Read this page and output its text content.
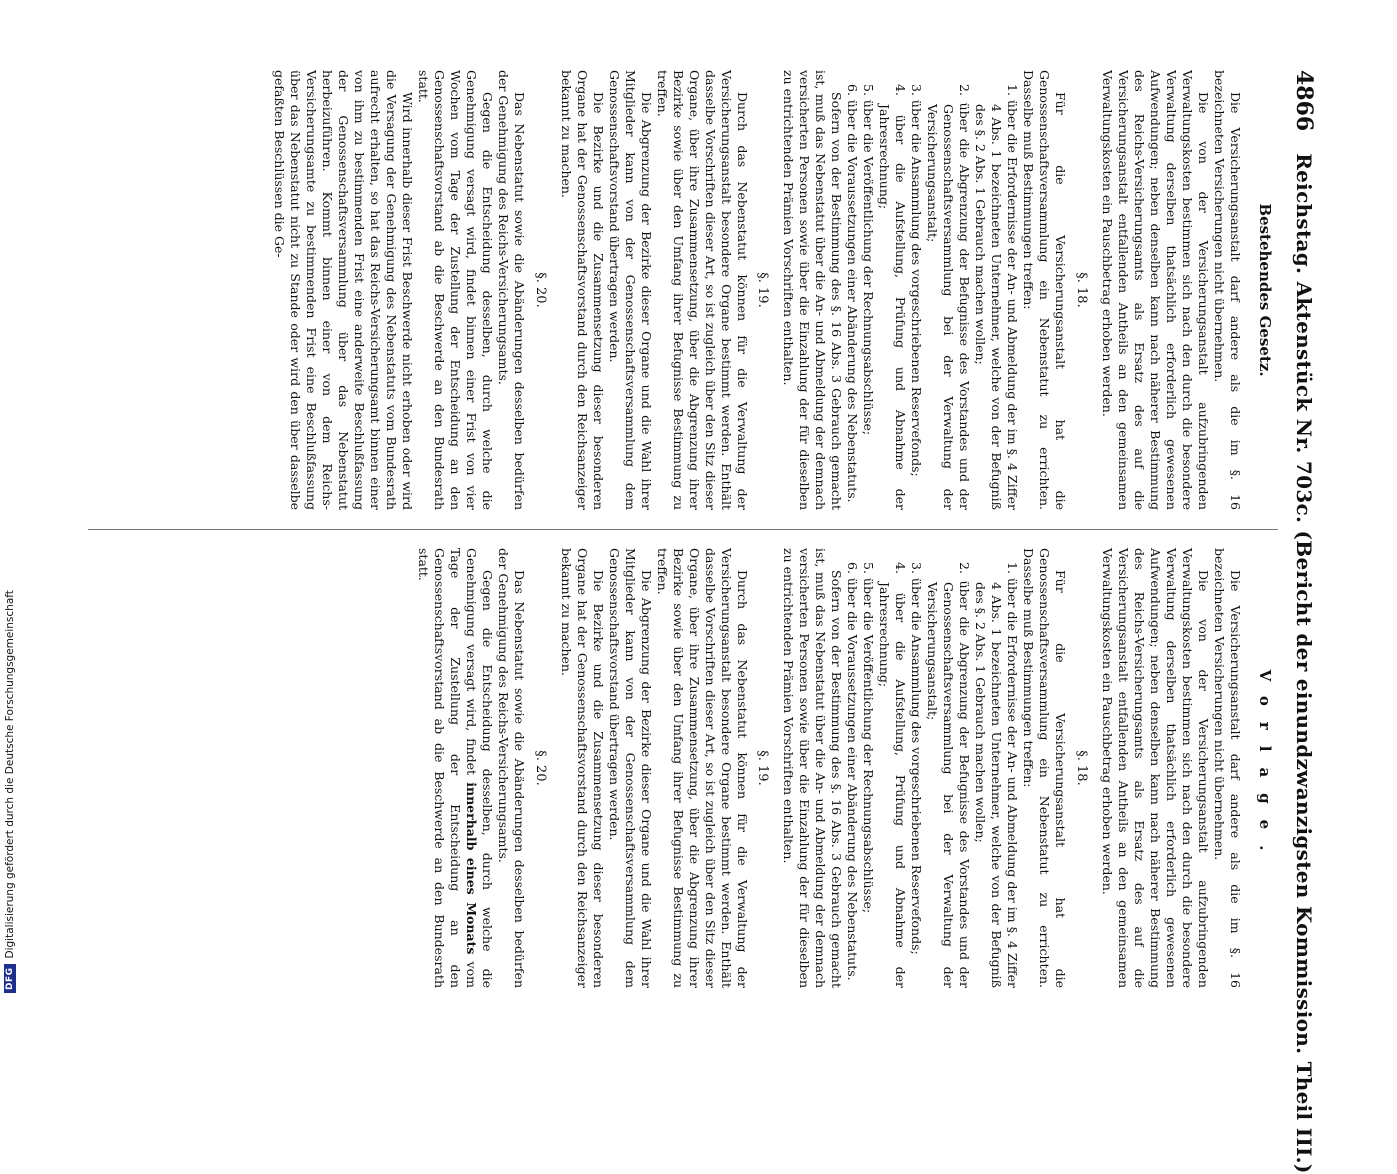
4866
Reichstag. Aktenstück Nr. 703c. (Bericht der einundzwanzigsten Kommission. Theil III.)
Bestehendes Gesetz.

Die Versicherungsanstalt darf andere als die im §. 16 bezeichneten Versicherungen nicht übernehmen.

Die von der Versicherungsanstalt aufzubringenden Verwaltungskosten bestimmen sich nach den durch die besondere Verwaltung derselben thatsächlich erforderlich gewesenen Aufwendungen; neben denselben kann nach näherer Bestimmung des Reichs-Versicherungsamts als Ersatz des auf die Versicherungsanstalt entfallenden Antheils an den gemeinsamen Verwaltungskosten ein Pauschbetrag erhoben werden.

§. 18.

Für die Versicherungsanstalt hat die Genossenschaftsversammlung ein Nebenstatut zu errichten. Dasselbe muß Bestimmungen treffen:

1. über die Erfordernisse der An- und Abmeldung der im §. 4 Ziffer 4 Abs. 1 bezeichneten Unternehmer, welche von der Befugniß des §. 2 Abs. 1 Gebrauch machen wollen;

2. über die Abgrenzung der Befugnisse des Vorstandes und der Genossenschaftsversammlung bei der Verwaltung der Versicherungsanstalt;

3. über die Ansammlung des vorgeschriebenen Reservefonds;

4. über die Aufstellung, Prüfung und Abnahme der Jahresrechnung;

5. über die Veröffentlichung der Rechnungsabschlüsse;

6. über die Voraussetzungen einer Abänderung des Nebenstatuts.

Sofern von der Bestimmung des §. 16 Abs. 3 Gebrauch gemacht ist, muß das Nebenstatut über die An- und Abmeldung der demnach versicherten Personen sowie über die Einzahlung der für dieselben zu entrichtenden Prämien Vorschriften enthalten.

§. 19.

Durch das Nebenstatut können für die Verwaltung der Versicherungsanstalt besondere Organe bestimmt werden. Enthält dasselbe Vorschriften dieser Art, so ist zugleich über den Sitz dieser Organe, über ihre Zusammensetzung, über die Abgrenzung ihrer Bezirke sowie über den Umfang ihrer Befugnisse Bestimmung zu treffen.

Die Abgrenzung der Bezirke dieser Organe und die Wahl ihrer Mitglieder kann von der Genossenschaftsversammlung dem Genossenschaftsvorstand übertragen werden.

Die Bezirke und die Zusammensetzung dieser besonderen Organe hat der Genossenschaftsvorstand durch den Reichsanzeiger bekannt zu machen.

§. 20.

Das Nebenstatut sowie die Abänderungen desselben bedürfen der Genehmigung des Reichs-Versicherungsamts.

Gegen die Entscheidung desselben, durch welche die Genehmigung versagt wird, findet binnen einer Frist von vier Wochen vom Tage der Zustellung der Entscheidung an den Genossenschaftsvorstand ab die Beschwerde an den Bundesrath statt.

Wird innerhalb dieser Frist Beschwerde nicht erhoben oder wird die Versagung der Genehmigung des Nebenstatuts vom Bundesrath aufrecht erhalten, so hat das Reichs-Versicherungsamt binnen einer von ihm zu bestimmenden Frist eine anderweite Beschlußfassung der Genossenschaftsversammlung über das Nebenstatut herbeizuführen. Kommt binnen einer von dem Reichs-Versicherungsamte zu bestimmenden Frist eine Beschlußfassung über das Nebenstatut nicht zu Stande oder wird den über dasselbe gefaßten Beschlüssen die Ge-

Vorlage.

Die Versicherungsanstalt darf andere als die im §. 16 bezeichneten Versicherungen nicht übernehmen.

Die von der Versicherungsanstalt aufzubringenden Verwaltungskosten bestimmen sich nach den durch die besondere Verwaltung derselben thatsächlich erforderlich gewesenen Aufwendungen; neben denselben kann nach näherer Bestimmung des Reichs-Versicherungsamts als Ersatz des auf die Versicherungsanstalt entfallenden Antheils an den gemeinsamen Verwaltungskosten ein Pauschbetrag erhoben werden.

§. 18.

Für die Versicherungsanstalt hat die Genossenschaftsversammlung ein Nebenstatut zu errichten. Dasselbe muß Bestimmungen treffen:

1. über die Erfordernisse der An- und Abmeldung der im §. 4 Ziffer 4 Abs. 1 bezeichneten Unternehmer, welche von der Befugniß des §. 2 Abs. 1 Gebrauch machen wollen;

2. über die Abgrenzung der Befugnisse des Vorstandes und der Genossenschaftsversammlung bei der Verwaltung der Versicherungsanstalt;

3. über die Ansammlung des vorgeschriebenen Reservefonds;

4. über die Aufstellung, Prüfung und Abnahme der Jahresrechnung;

5. über die Veröffentlichung der Rechnungsabschlüsse;

6. über die Voraussetzungen einer Abänderung des Nebenstatuts.

Sofern von der Bestimmung des §. 16 Abs. 3 Gebrauch gemacht ist, muß das Nebenstatut über die An- und Abmeldung der demnach versicherten Personen sowie über die Einzahlung der für dieselben zu entrichtenden Prämien Vorschriften enthalten.

§. 19.

Durch das Nebenstatut können für die Verwaltung der Versicherungsanstalt besondere Organe bestimmt werden. Enthält dasselbe Vorschriften dieser Art, so ist zugleich über den Sitz dieser Organe, über ihre Zusammensetzung, über die Abgrenzung ihrer Bezirke sowie über den Umfang ihrer Befugnisse Bestimmung zu treffen.

Die Abgrenzung der Bezirke dieser Organe und die Wahl ihrer Mitglieder kann von der Genossenschaftsversammlung dem Genossenschaftsvorstand übertragen werden.

Die Bezirke und die Zusammensetzung dieser besonderen Organe hat der Genossenschaftsvorstand durch den Reichsanzeiger bekannt zu machen.

§. 20.

Das Nebenstatut sowie die Abänderungen desselben bedürfen der Genehmigung des Reichs-Versicherungsamts.

Gegen die Entscheidung desselben, durch welche die Genehmigung versagt wird, findet innerhalb eines Monats vom Tage der Zustellung der Entscheidung an den Genossenschaftsvorstand ab die Beschwerde an den Bundesrath statt.

DFG
Digitalisierung gefördert durch die Deutsche Forschungsgemeinschaft
